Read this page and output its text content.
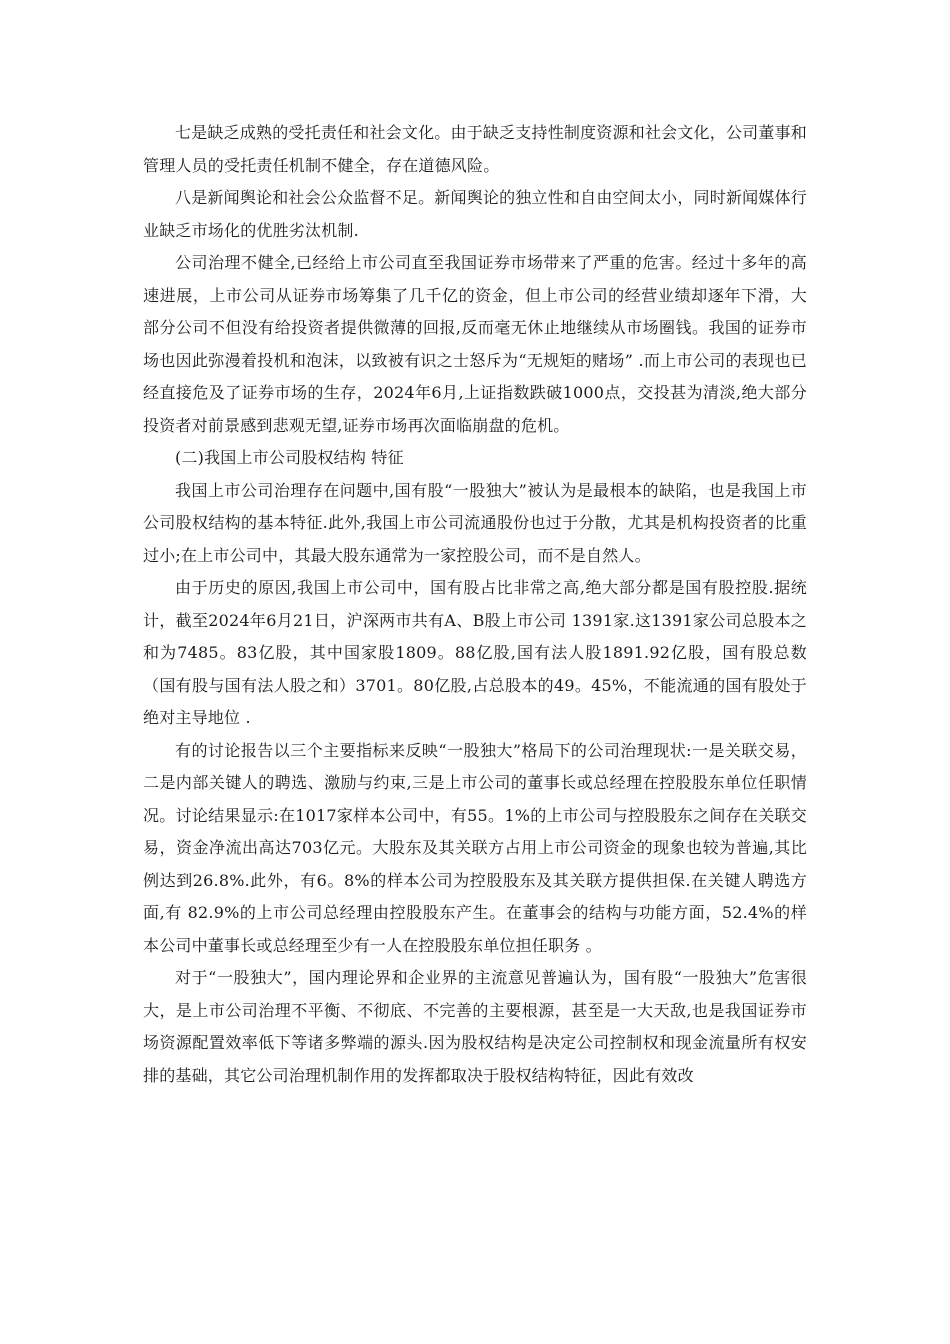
七是缺乏成熟的受托责任和社会文化。由于缺乏支持性制度资源和社会文化，公司董事和管理人员的受托责任机制不健全，存在道德风险。

八是新闻舆论和社会公众监督不足。新闻舆论的独立性和自由空间太小，同时新闻媒体行业缺乏市场化的优胜劣汰机制.

公司治理不健全,已经给上市公司直至我国证券市场带来了严重的危害。经过十多年的高速进展，上市公司从证券市场筹集了几千亿的资金，但上市公司的经营业绩却逐年下滑，大部分公司不但没有给投资者提供微薄的回报,反而毫无休止地继续从市场圈钱。我国的证券市场也因此弥漫着投机和泡沫，以致被有识之士怒斥为“无规矩的赌场” .而上市公司的表现也已经直接危及了证券市场的生存，2024年6月,上证指数跌破1000点，交投甚为清淡,绝大部分投资者对前景感到悲观无望,证券市场再次面临崩盘的危机。

(二)我国上市公司股权结构 特征

我国上市公司治理存在问题中,国有股“一股独大”被认为是最根本的缺陷，也是我国上市公司股权结构的基本特征.此外,我国上市公司流通股份也过于分散，尤其是机构投资者的比重过小;在上市公司中，其最大股东通常为一家控股公司，而不是自然人。

由于历史的原因,我国上市公司中，国有股占比非常之高,绝大部分都是国有股控股.据统计，截至2024年6月21日，沪深两市共有A、B股上市公司 1391家.这1391家公司总股本之和为7485。83亿股，其中国家股1809。88亿股,国有法人股1891.92亿股，国有股总数（国有股与国有法人股之和）3701。80亿股,占总股本的49。45%，不能流通的国有股处于绝对主导地位 .

有的讨论报告以三个主要指标来反映“一股独大”格局下的公司治理现状:一是关联交易，二是内部关键人的聘选、激励与约束,三是上市公司的董事长或总经理在控股股东单位任职情况。讨论结果显示:在1017家样本公司中，有55。1%的上市公司与控股股东之间存在关联交易，资金净流出高达703亿元。大股东及其关联方占用上市公司资金的现象也较为普遍,其比例达到26.8%.此外，有6。8%的样本公司为控股股东及其关联方提供担保.在关键人聘选方面,有 82.9%的上市公司总经理由控股股东产生。在董事会的结构与功能方面，52.4%的样本公司中董事长或总经理至少有一人在控股股东单位担任职务 。

对于“一股独大”，国内理论界和企业界的主流意见普遍认为，国有股“一股独大”危害很大，是上市公司治理不平衡、不彻底、不完善的主要根源，甚至是一大天敌,也是我国证券市场资源配置效率低下等诸多弊端的源头.因为股权结构是决定公司控制权和现金流量所有权安排的基础，其它公司治理机制作用的发挥都取决于股权结构特征，因此有效改
